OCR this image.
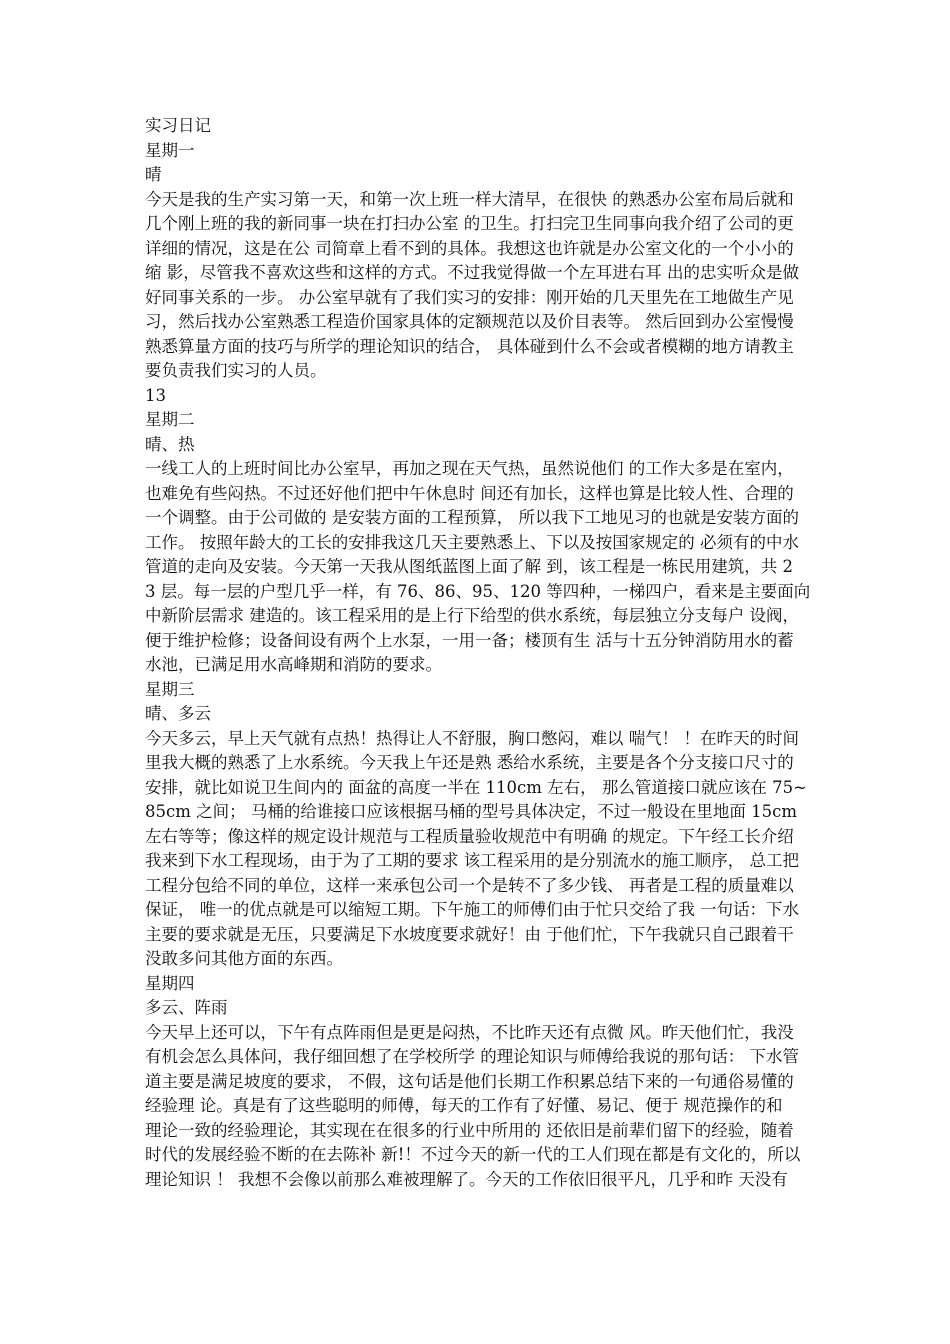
实习日记
星期一
晴
今天是我的生产实习第一天，和第一次上班一样大清早，在很快 的熟悉办公室布局后就和
几个刚上班的我的新同事一块在打扫办公室 的卫生。打扫完卫生同事向我介绍了公司的更
详细的情况，这是在公 司简章上看不到的具体。我想这也许就是办公室文化的一个小小的
缩 影，尽管我不喜欢这些和这样的方式。不过我觉得做一个左耳进右耳 出的忠实听众是做
好同事关系的一步。 办公室早就有了我们实习的安排：刚开始的几天里先在工地做生产见
习，然后找办公室熟悉工程造价国家具体的定额规范以及价目表等。 然后回到办公室慢慢
熟悉算量方面的技巧与所学的理论知识的结合， 具体碰到什么不会或者模糊的地方请教主
要负责我们实习的人员。
13
星期二
晴、热
一线工人的上班时间比办公室早，再加之现在天气热，虽然说他们 的工作大多是在室内，
也难免有些闷热。不过还好他们把中午休息时 间还有加长，这样也算是比较人性、合理的
一个调整。由于公司做的 是安装方面的工程预算， 所以我下工地见习的也就是安装方面的
工作。 按照年龄大的工长的安排我这几天主要熟悉上、下以及按国家规定的 必须有的中水
管道的走向及安装。今天第一天我从图纸蓝图上面了解 到，该工程是一栋民用建筑，共 2
3 层。每一层的户型几乎一样，有 76、86、95、120 等四种，一梯四户，看来是主要面向
中新阶层需求 建造的。该工程采用的是上行下给型的供水系统，每层独立分支每户 设阀，
便于维护检修；设备间设有两个上水泵，一用一备；楼顶有生 活与十五分钟消防用水的蓄
水池，已满足用水高峰期和消防的要求。
星期三
晴、多云
今天多云，早上天气就有点热！热得让人不舒服，胸口憋闷，难以 喘气！ ！在昨天的时间
里我大概的熟悉了上水系统。今天我上午还是熟 悉给水系统，主要是各个分支接口尺寸的
安排，就比如说卫生间内的 面盆的高度一半在 110cm 左右， 那么管道接口就应该在 75~
85cm 之间； 马桶的给谁接口应该根据马桶的型号具体决定，不过一般设在里地面 15cm
左右等等；像这样的规定设计规范与工程质量验收规范中有明确 的规定。下午经工长介绍
我来到下水工程现场，由于为了工期的要求 该工程采用的是分别流水的施工顺序， 总工把
工程分包给不同的单位，这样一来承包公司一个是转不了多少钱、 再者是工程的质量难以
保证， 唯一的优点就是可以缩短工期。下午施工的师傅们由于忙只交给了我 一句话：下水
主要的要求就是无压，只要满足下水坡度要求就好！由 于他们忙，下午我就只自己跟着干
没敢多问其他方面的东西。
星期四
多云、阵雨
今天早上还可以，下午有点阵雨但是更是闷热，不比昨天还有点微 风。昨天他们忙，我没
有机会怎么具体问，我仔细回想了在学校所学 的理论知识与师傅给我说的那句话： 下水管
道主要是满足坡度的要求， 不假，这句话是他们长期工作积累总结下来的一句通俗易懂的
经验理 论。真是有了这些聪明的师傅，每天的工作有了好懂、易记、便于 规范操作的和
理论一致的经验理论，其实现在在很多的行业中所用的 还依旧是前辈们留下的经验，随着
时代的发展经验不断的在去陈补 新!！不过今天的新一代的工人们现在都是有文化的，所以
理论知识 ！ 我想不会像以前那么难被理解了。今天的工作依旧很平凡，几乎和昨 天没有
